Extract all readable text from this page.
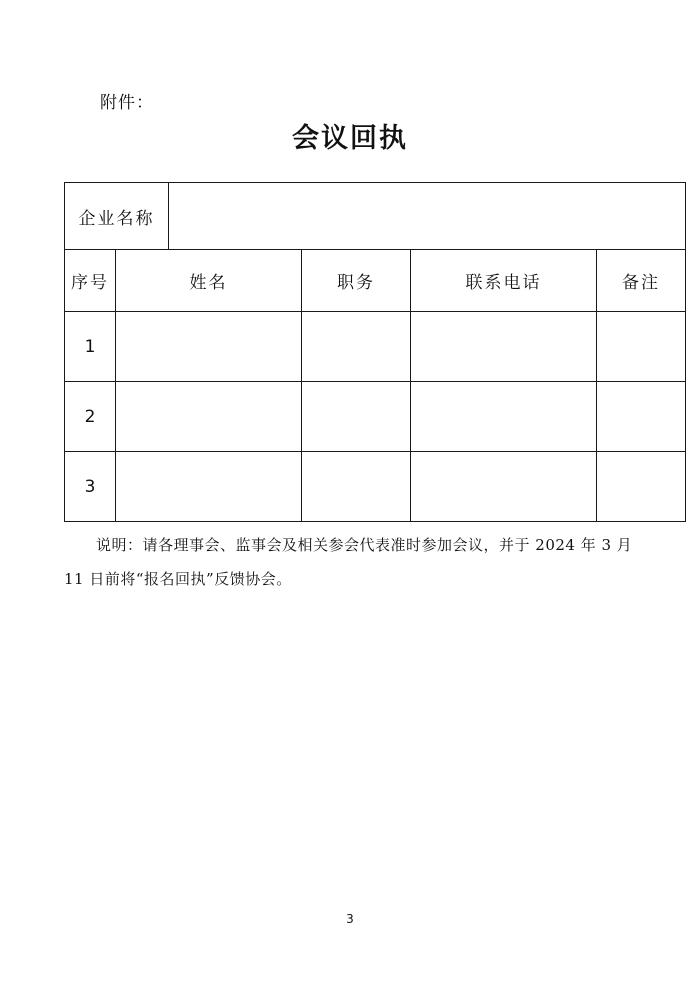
附件：
会议回执
企业名称					
序号	姓名		职务	联系电话	备注
1					
2					
3					
说明：请各理事会、监事会及相关参会代表准时参加会议，并于 2024 年 3 月 11 日前将“报名回执”反馈协会。
3
